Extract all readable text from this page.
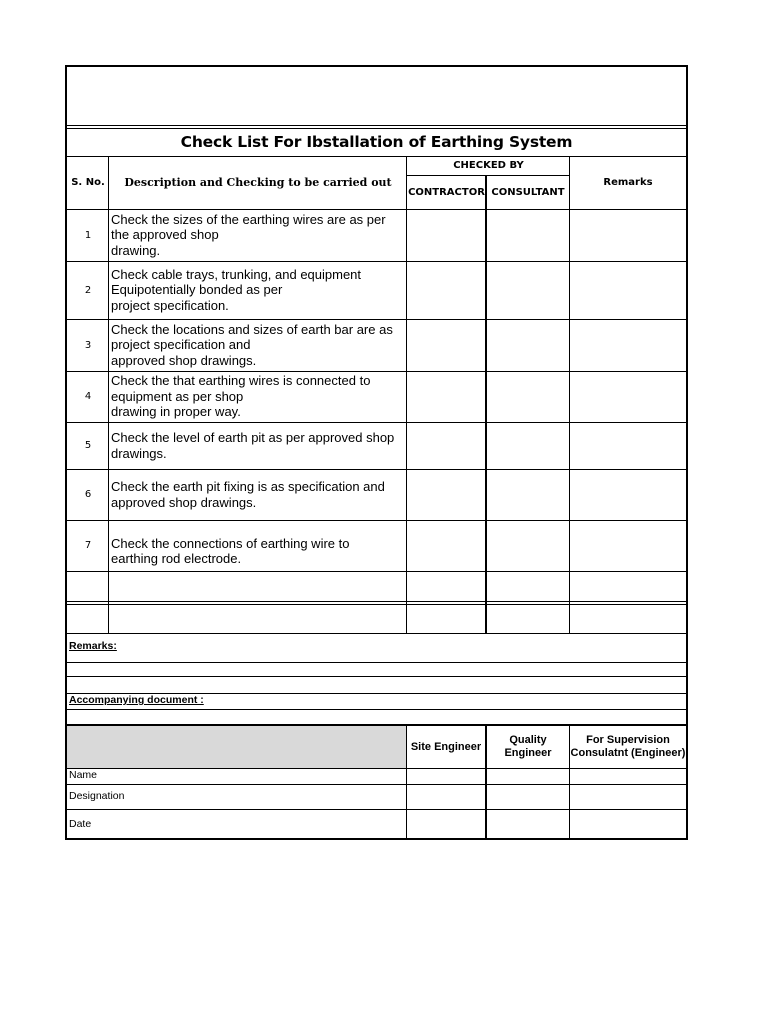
Check List For Ibstallation of Earthing System
S. No.	Description and Checking to be carried out
CHECKED BY
CONTRACTOR CONSULTANT
Remarks
1
Check the sizes of the earthing wires are as per
the approved shop
drawing.
2
Check cable trays, trunking, and equipment
Equipotentially bonded as per
project specification.
3
Check the locations and sizes of earth bar are as
project specification and
approved shop drawings.
4
Check the that earthing wires is connected to
equipment as per shop
drawing in proper way.
5
Check the level of earth pit as per approved shop
drawings.
6
Check the earth pit fixing is as specification and
approved shop drawings.
7	Check the connections of earthing wire to
earthing rod electrode.
Remarks:
Accompanying document :
Site Engineer
Quality
Engineer
For Supervision
Consulatnt (Engineer)
Name
Designation
Date
